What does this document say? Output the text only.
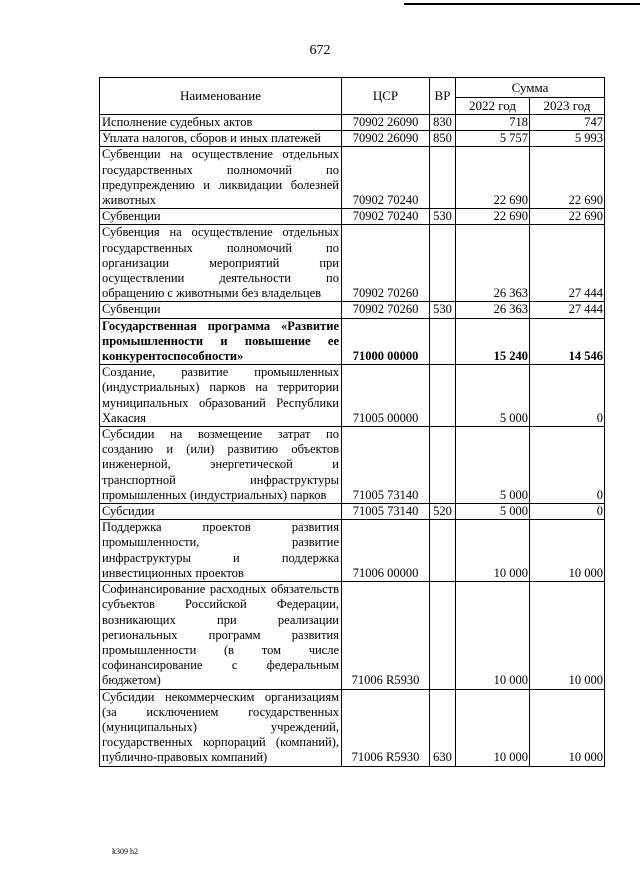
672
Наименование	ЦСР	ВР	Сумма	
			2022 год	2023 год
Исполнение судебных актов	70902 26090	830	718	747
Уплата налогов, сборов и иных платежей	70902 26090	850	5 757	5 993
Субвенции на осуществление отдельных государственных полномочий по предупреждению и ликвидации болезней животных	70902 70240		22 690	22 690
Субвенции	70902 70240	530	22 690	22 690
Субвенция на осуществление отдельных государственных полномочий по организации мероприятий при осуществлении деятельности по обращению с животными без владельцев	70902 70260		26 363	27 444
Субвенции	70902 70260	530	26 363	27 444
Государственная программа «Развитие промышленности и повышение ее конкурентоспособности»	71000 00000		15 240	14 546
Создание, развитие промышленных (индустриальных) парков на территории муниципальных образований Республики Хакасия	71005 00000		5 000	0
Субсидии на возмещение затрат по созданию и (или) развитию объектов инженерной, энергетической и транспортной инфраструктуры промышленных (индустриальных) парков	71005 73140		5 000	0
Субсидии	71005 73140	520	5 000	0
Поддержка проектов развития промышленности, развитие инфраструктуры и поддержка инвестиционных проектов	71006 00000		10 000	10 000
Софинансирование расходных обязательств субъектов Российской Федерации, возникающих при реализации региональных программ развития промышленности (в том числе софинансирование с федеральным бюджетом)	71006 R5930		10 000	10 000
Субсидии некоммерческим организациям (за исключением государственных (муниципальных) учреждений, государственных корпораций (компаний), публично-правовых компаний)	71006 R5930	630	10 000	10 000
k309 h2
